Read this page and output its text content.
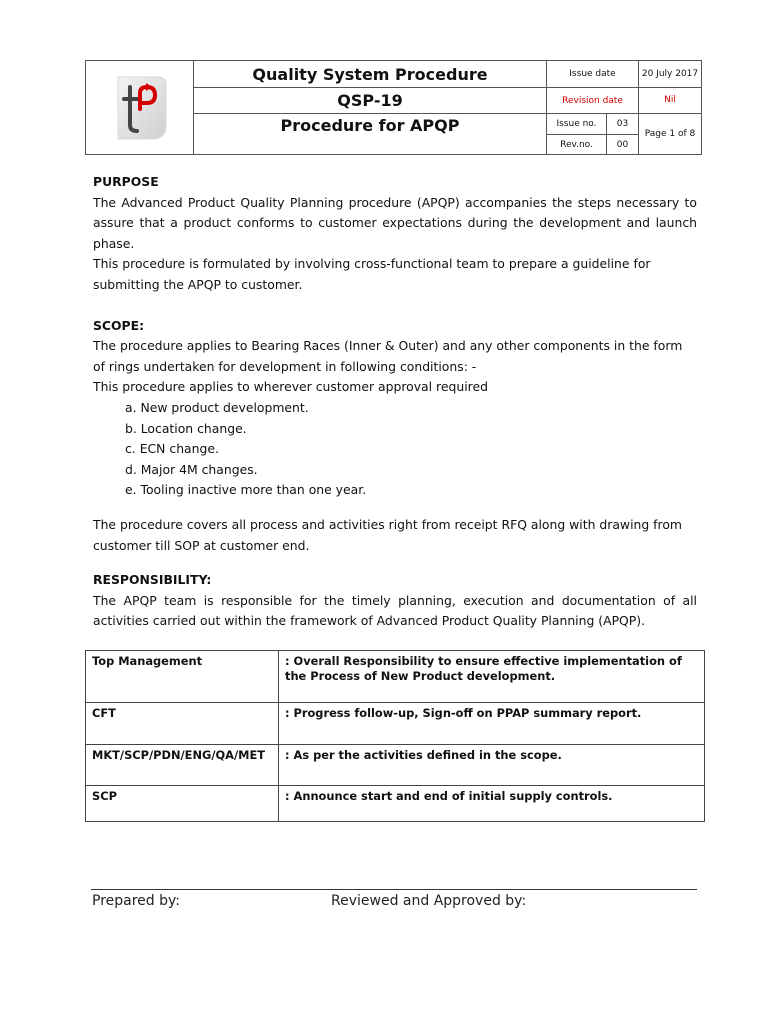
	Quality System Procedure	Issue date		20 July 2017
	QSP-19	Revision date		Nil
	Procedure for APQP	Issue no.	03	Page 1 of 8
		Rev.no.	00	

PURPOSE

The Advanced Product Quality Planning procedure (APQP) accompanies the steps necessary to assure that a product conforms to customer expectations during the development and launch phase.

This procedure is formulated by involving cross-functional team to prepare a guideline for submitting the APQP to customer.

SCOPE:

The procedure applies to Bearing Races (Inner & Outer) and any other components in the form of rings undertaken for development in following conditions: -

This procedure applies to wherever customer approval required

a. New product development.
b. Location change.
c. ECN change.
d. Major 4M changes.
e. Tooling inactive more than one year.

The procedure covers all process and activities right from receipt RFQ along with drawing from customer till SOP at customer end.

RESPONSIBILITY:

The APQP team is responsible for the timely planning, execution and documentation of all activities carried out within the framework of Advanced Product Quality Planning (APQP).

Top Management	: Overall Responsibility to ensure effective implementation of the Process of New Product development.
CFT	: Progress follow-up, Sign-off on PPAP summary report.
MKT/SCP/PDN/ENG/QA/MET	: As per the activities defined in the scope.
SCP	: Announce start and end of initial supply controls.
Prepared by:	Reviewed and Approved by:
